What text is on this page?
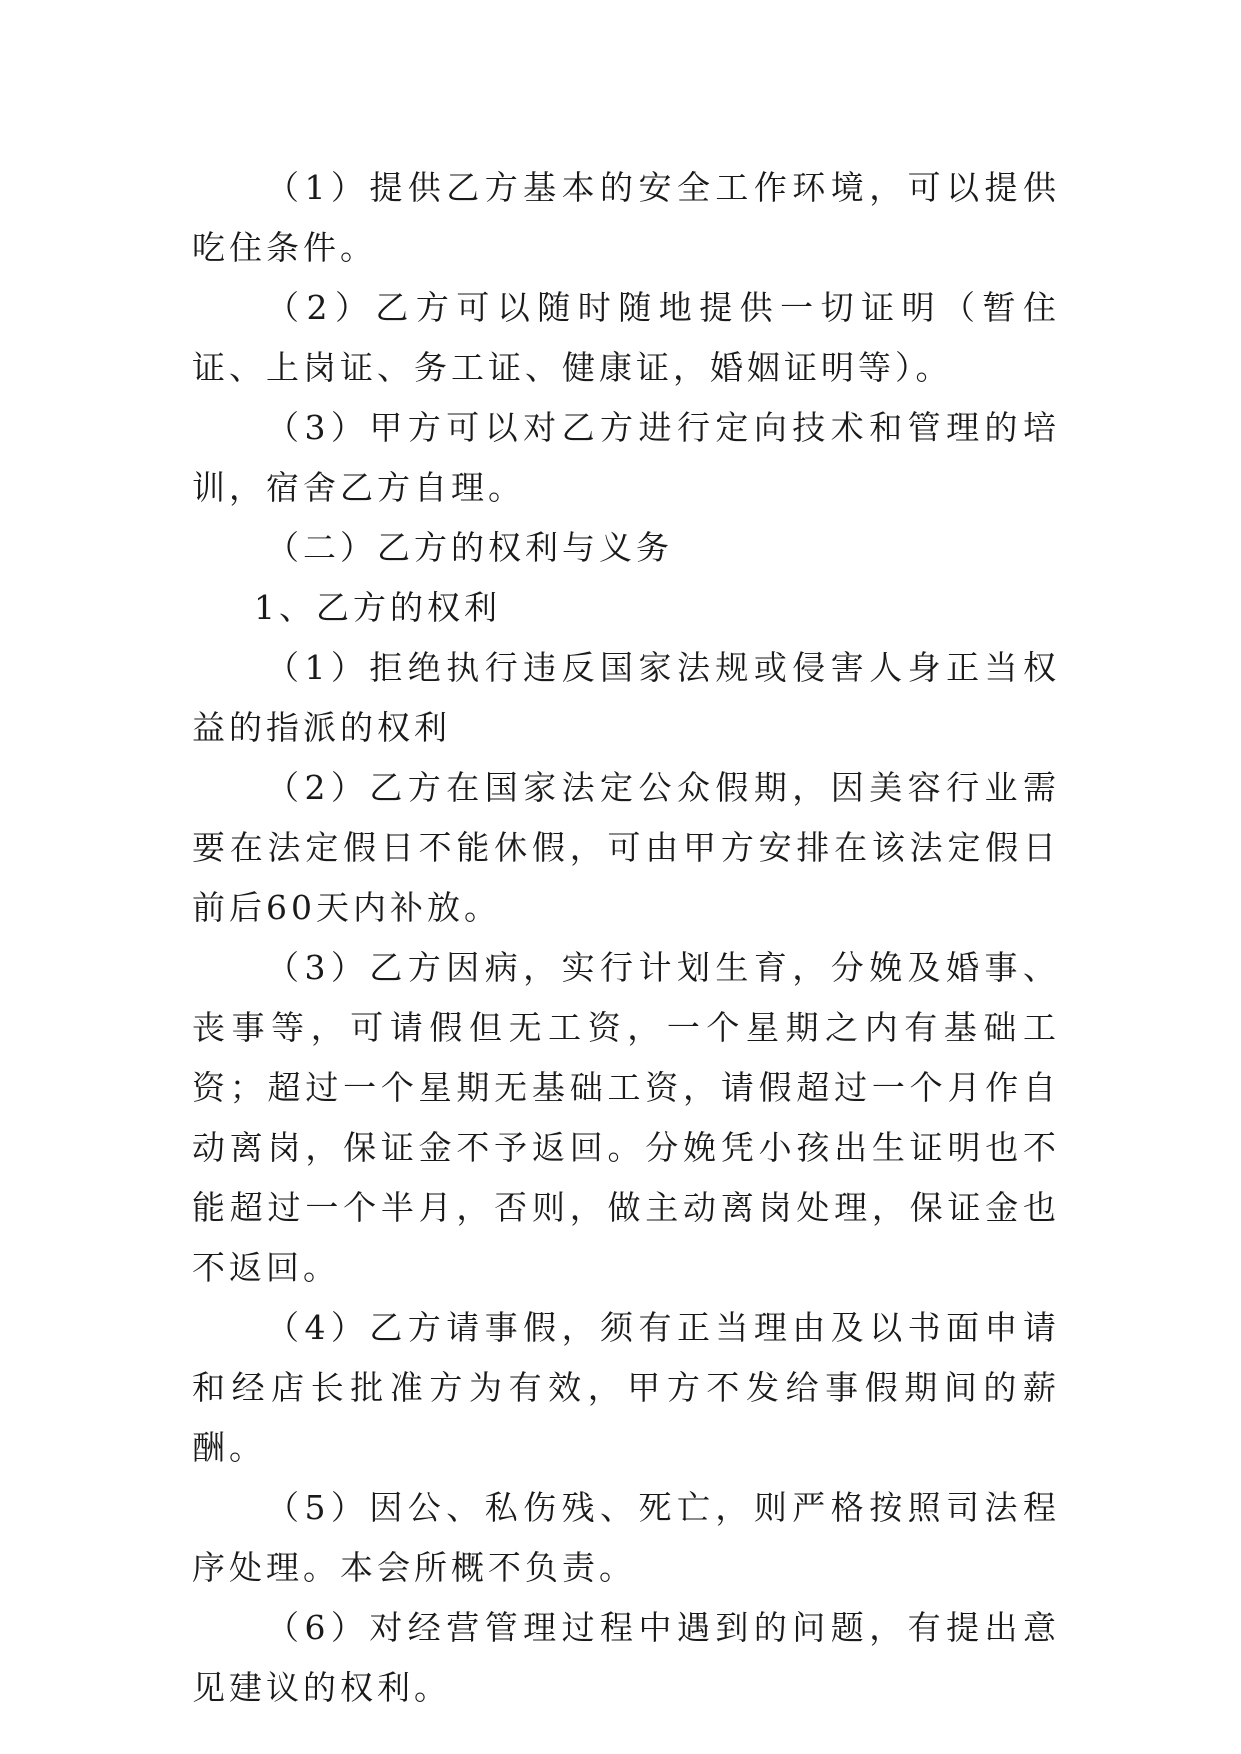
（1）提供乙方基本的安全工作环境，可以提供吃住条件。

（2）乙方可以随时随地提供一切证明（暂住证、上岗证、务工证、健康证，婚姻证明等）。

（3）甲方可以对乙方进行定向技术和管理的培训，宿舍乙方自理。

（二）乙方的权利与义务

1、乙方的权利

（1）拒绝执行违反国家法规或侵害人身正当权益的指派的权利

（2）乙方在国家法定公众假期，因美容行业需要在法定假日不能休假，可由甲方安排在该法定假日前后60天内补放。

（3）乙方因病，实行计划生育，分娩及婚事、丧事等，可请假但无工资，一个星期之内有基础工资；超过一个星期无基础工资，请假超过一个月作自动离岗，保证金不予返回。分娩凭小孩出生证明也不能超过一个半月，否则，做主动离岗处理，保证金也不返回。

（4）乙方请事假，须有正当理由及以书面申请和经店长批准方为有效，甲方不发给事假期间的薪酬。

（5）因公、私伤残、死亡，则严格按照司法程序处理。本会所概不负责。

（6）对经营管理过程中遇到的问题，有提出意见建议的权利。
